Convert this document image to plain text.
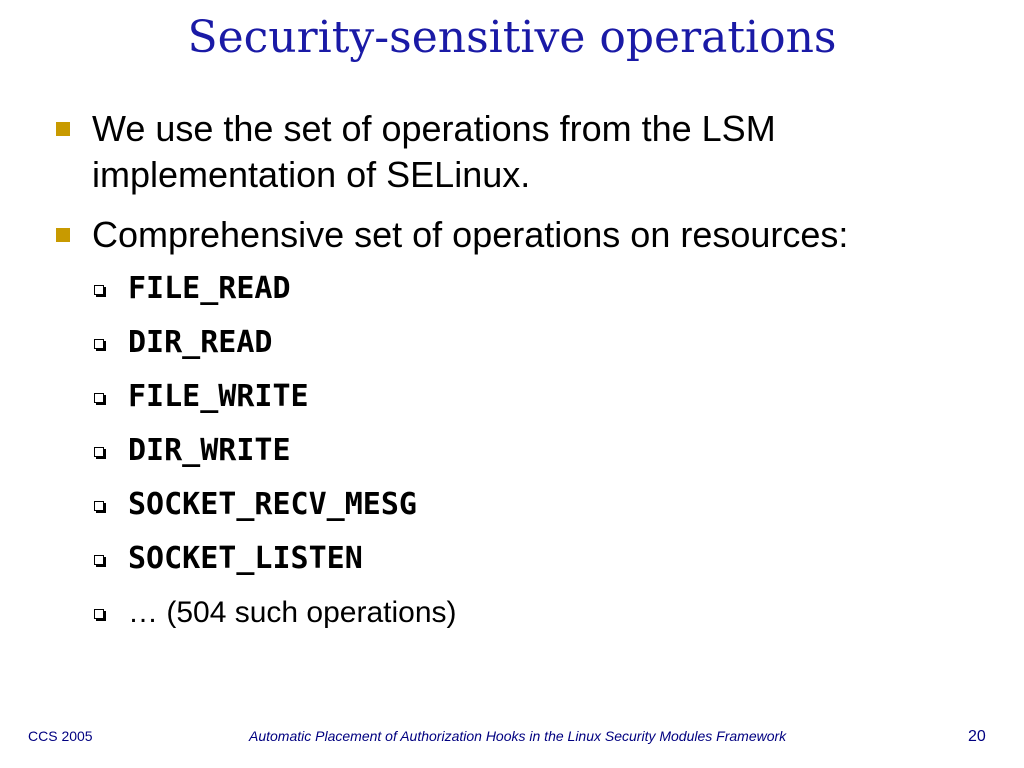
Security-sensitive operations
We use the set of operations from the LSM implementation of SELinux.
Comprehensive set of operations on resources:
FILE_READ
DIR_READ
FILE_WRITE
DIR_WRITE
SOCKET_RECV_MESG
SOCKET_LISTEN
… (504 such operations)
CCS 2005	Automatic Placement of Authorization Hooks in the Linux Security Modules Framework	20
